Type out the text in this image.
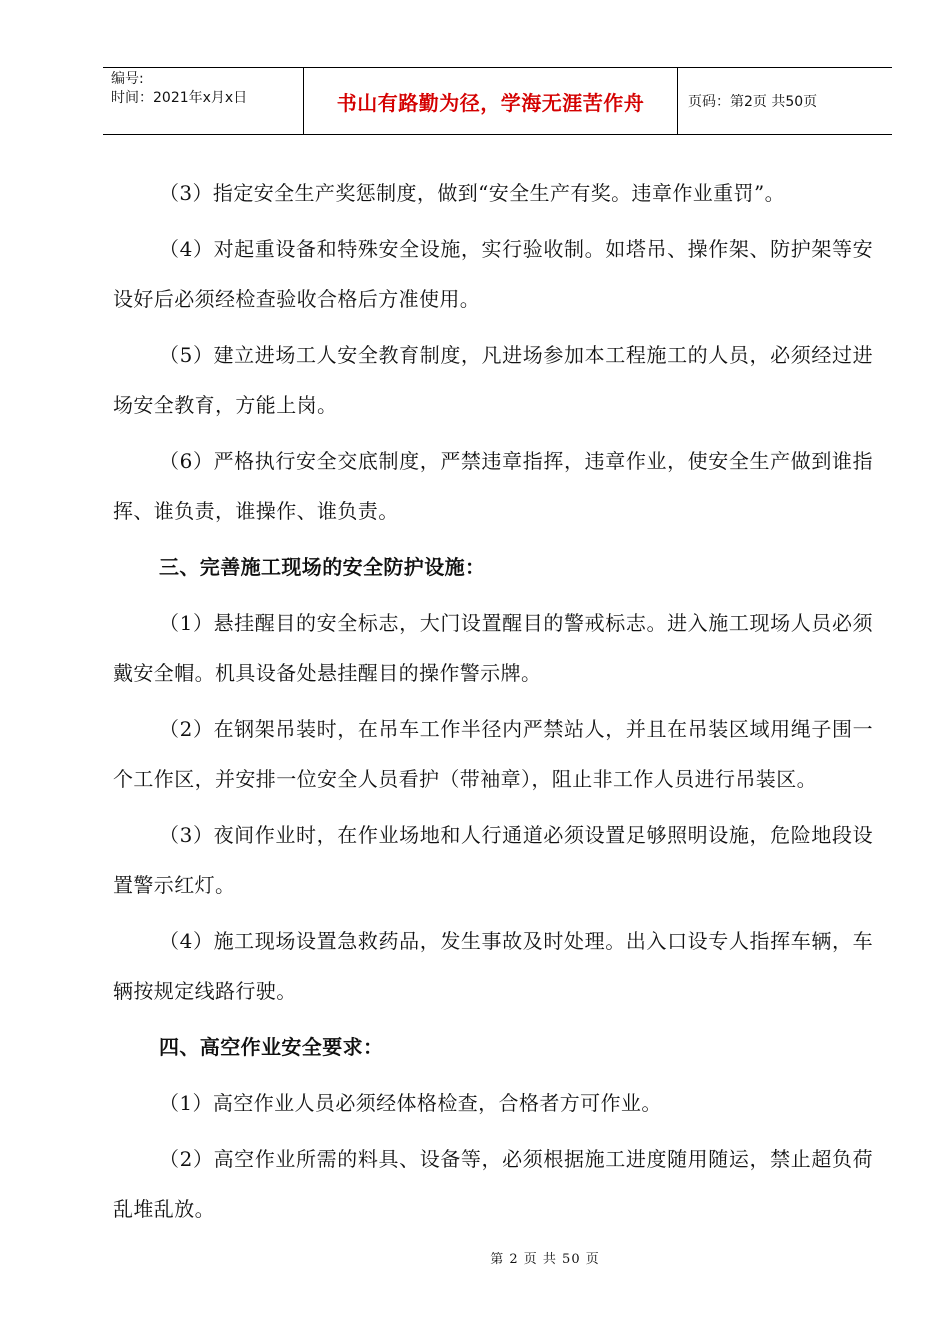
编号:
时间：2021年x月x日	书山有路勤为径，学海无涯苦作舟	页码：第2页 共50页

（3）指定安全生产奖惩制度，做到“安全生产有奖。违章作业重罚”。

（4）对起重设备和特殊安全设施，实行验收制。如塔吊、操作架、防护架等安设好后必须经检查验收合格后方准使用。

（5）建立进场工人安全教育制度，凡进场参加本工程施工的人员，必须经过进场安全教育，方能上岗。

（6）严格执行安全交底制度，严禁违章指挥，违章作业，使安全生产做到谁指挥、谁负责，谁操作、谁负责。

三、完善施工现场的安全防护设施：

（1）悬挂醒目的安全标志，大门设置醒目的警戒标志。进入施工现场人员必须戴安全帽。机具设备处悬挂醒目的操作警示牌。

（2）在钢架吊装时，在吊车工作半径内严禁站人，并且在吊装区域用绳子围一个工作区，并安排一位安全人员看护（带袖章），阻止非工作人员进行吊装区。

（3）夜间作业时，在作业场地和人行通道必须设置足够照明设施，危险地段设置警示红灯。

（4）施工现场设置急救药品，发生事故及时处理。出入口设专人指挥车辆，车辆按规定线路行驶。

四、高空作业安全要求：

（1）高空作业人员必须经体格检查，合格者方可作业。

（2）高空作业所需的料具、设备等，必须根据施工进度随用随运，禁止超负荷乱堆乱放。

第 2 页 共 50 页
